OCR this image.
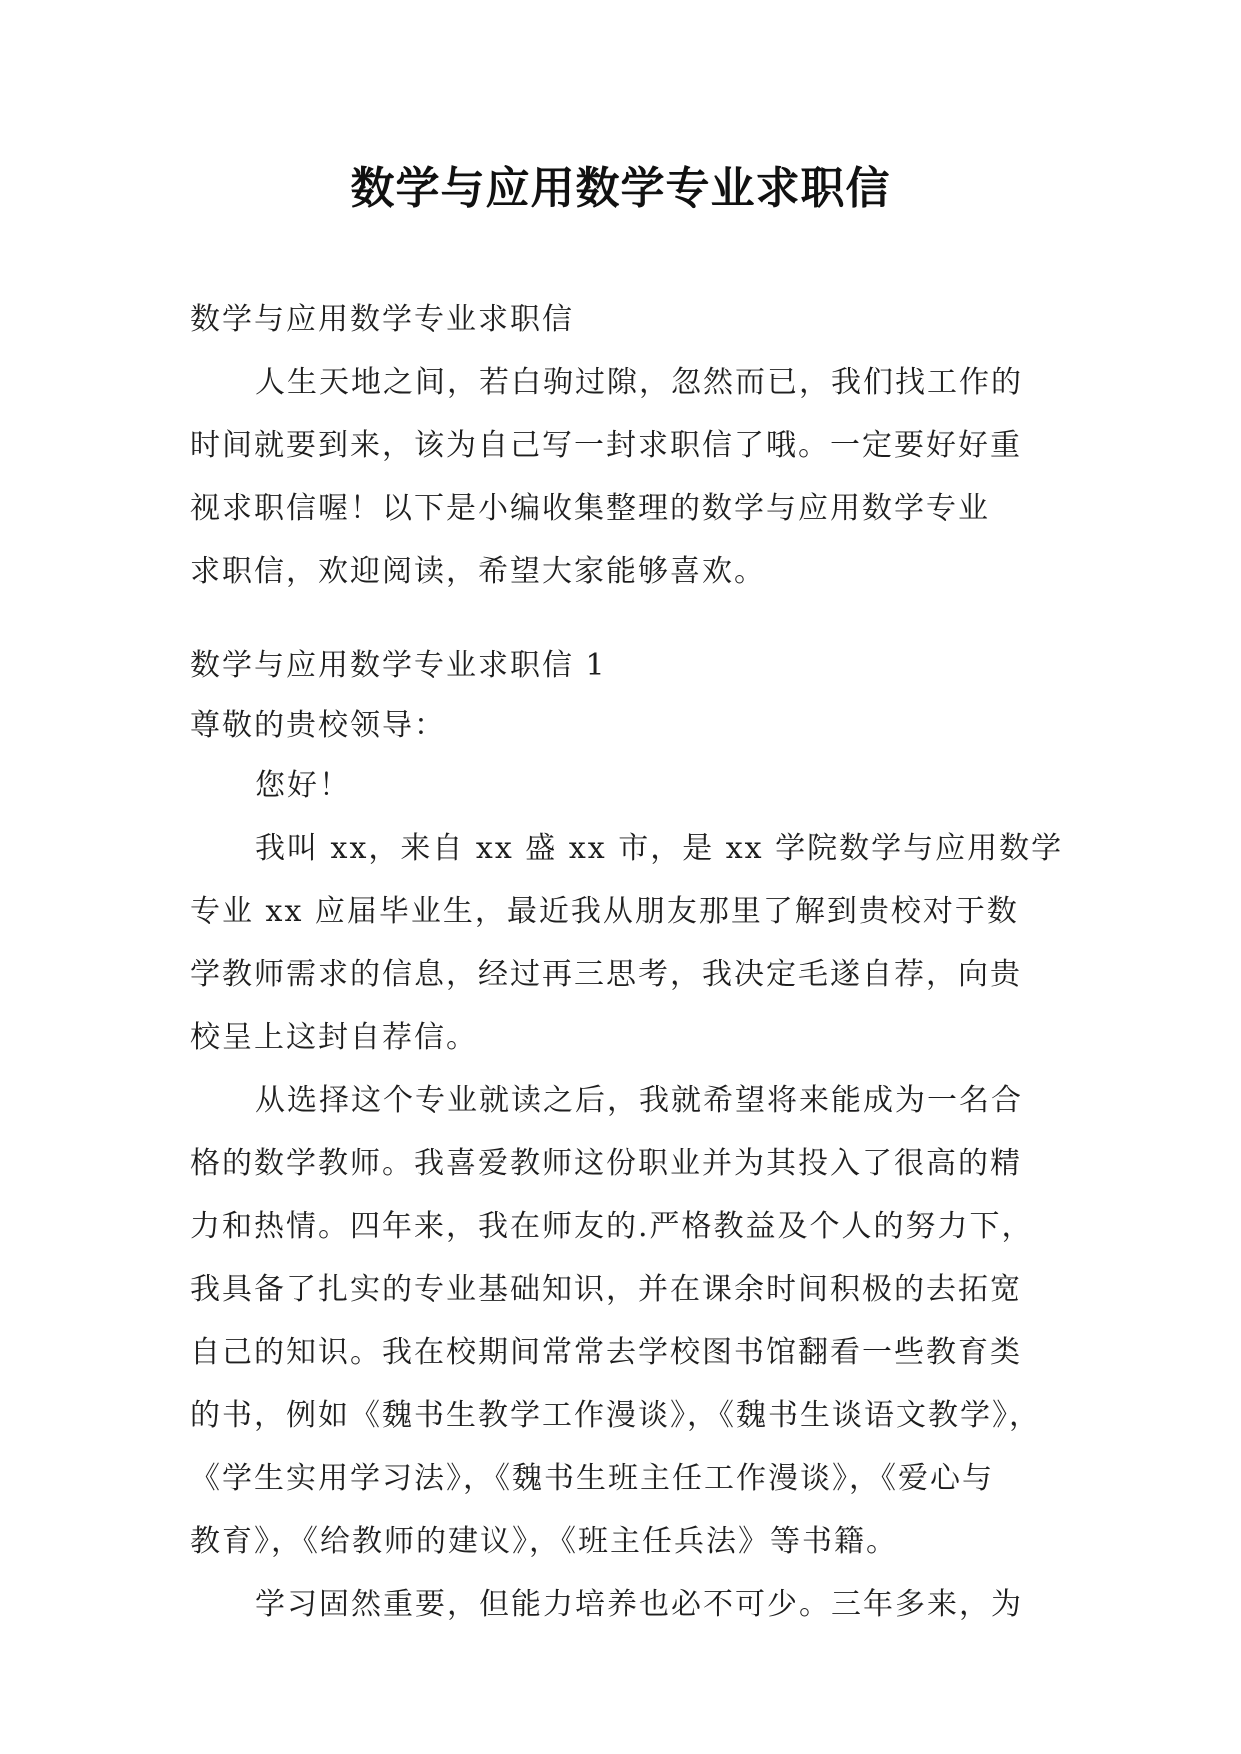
数学与应用数学专业求职信
数学与应用数学专业求职信
人生天地之间，若白驹过隙，忽然而已，我们找工作的
时间就要到来，该为自己写一封求职信了哦。一定要好好重
视求职信喔！以下是小编收集整理的数学与应用数学专业
求职信，欢迎阅读，希望大家能够喜欢。
数学与应用数学专业求职信 1
尊敬的贵校领导：
您好！
我叫 xx，来自 xx 盛 xx 市，是 xx 学院数学与应用数学
专业 xx 应届毕业生，最近我从朋友那里了解到贵校对于数
学教师需求的信息，经过再三思考，我决定毛遂自荐，向贵
校呈上这封自荐信。
从选择这个专业就读之后，我就希望将来能成为一名合
格的数学教师。我喜爱教师这份职业并为其投入了很高的精
力和热情。四年来，我在师友的.严格教益及个人的努力下，
我具备了扎实的专业基础知识，并在课余时间积极的去拓宽
自己的知识。我在校期间常常去学校图书馆翻看一些教育类
的书，例如《魏书生教学工作漫谈》，《魏书生谈语文教学》，
《学生实用学习法》，《魏书生班主任工作漫谈》，《爱心与
教育》，《给教师的建议》，《班主任兵法》等书籍。
学习固然重要，但能力培养也必不可少。三年多来，为
